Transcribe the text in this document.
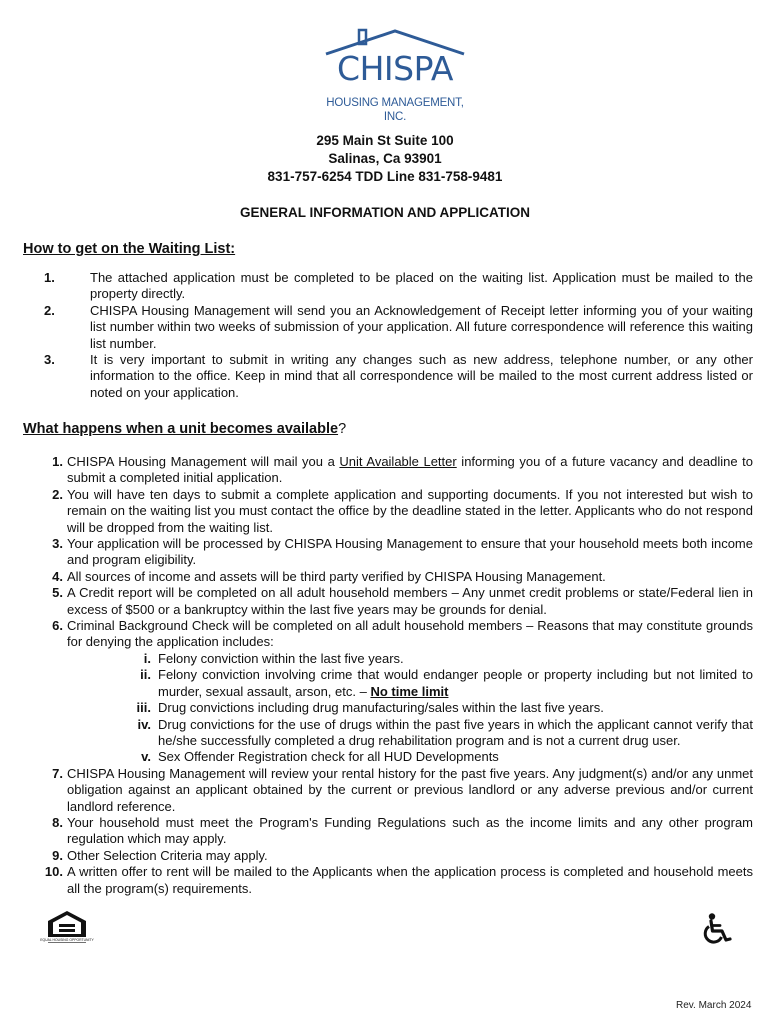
CHISPA
HOUSING MANAGEMENT, INC.
295 Main St Suite 100
Salinas, Ca 93901
831-757-6254 TDD Line 831-758-9481
GENERAL INFORMATION AND APPLICATION
How to get on the Waiting List:
1.	The attached application must be completed to be placed on the waiting list. Application must be mailed to the property directly.
2.	CHISPA Housing Management will send you an Acknowledgement of Receipt letter informing you of your waiting list number within two weeks of submission of your application. All future correspondence will reference this waiting list number.
3.	It is very important to submit in writing any changes such as new address, telephone number, or any other information to the office. Keep in mind that all correspondence will be mailed to the most current address listed or noted on your application.
What happens when a unit becomes available?
1. CHISPA Housing Management will mail you a Unit Available Letter informing you of a future vacancy and deadline to submit a completed initial application.
2. You will have ten days to submit a complete application and supporting documents. If you not interested but wish to remain on the waiting list you must contact the office by the deadline stated in the letter. Applicants who do not respond will be dropped from the waiting list.
3. Your application will be processed by CHISPA Housing Management to ensure that your household meets both income and program eligibility.
4. All sources of income and assets will be third party verified by CHISPA Housing Management.
5. A Credit report will be completed on all adult household members – Any unmet credit problems or state/Federal lien in excess of $500 or a bankruptcy within the last five years may be grounds for denial.
6. Criminal Background Check will be completed on all adult household members – Reasons that may constitute grounds for denying the application includes:
i. Felony conviction within the last five years.
ii. Felony conviction involving crime that would endanger people or property including but not limited to murder, sexual assault, arson, etc. – No time limit
iii. Drug convictions including drug manufacturing/sales within the last five years.
iv. Drug convictions for the use of drugs within the past five years in which the applicant cannot verify that he/she successfully completed a drug rehabilitation program and is not a current drug user.
v. Sex Offender Registration check for all HUD Developments
7. CHISPA Housing Management will review your rental history for the past five years. Any judgment(s) and/or any unmet obligation against an applicant obtained by the current or previous landlord or any adverse previous and/or current landlord reference.
8. Your household must meet the Program's Funding Regulations such as the income limits and any other program regulation which may apply.
9. Other Selection Criteria may apply.
10. A written offer to rent will be mailed to the Applicants when the application process is completed and household meets all the program(s) requirements.
EQUAL HOUSING OPPORTUNITY
Rev. March 2024
